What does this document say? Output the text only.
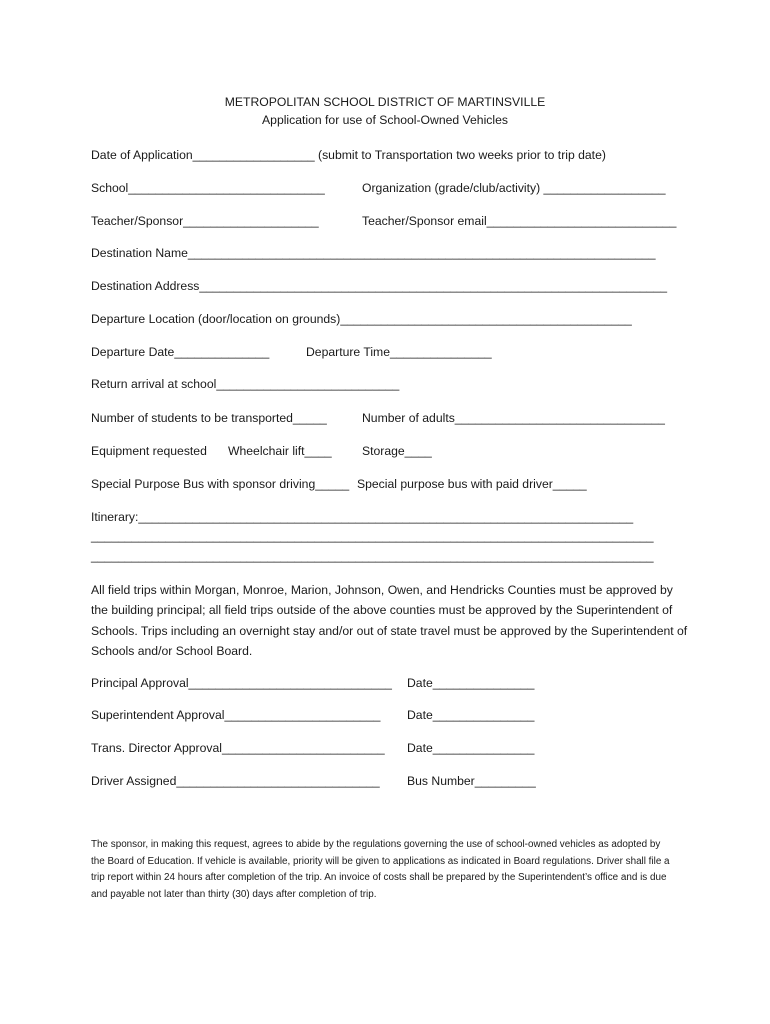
METROPOLITAN SCHOOL DISTRICT OF MARTINSVILLE
Application for use of School-Owned Vehicles
Date of Application__________________ (submit to Transportation two weeks prior to trip date)
School_____________________________	Organization (grade/club/activity) __________________
Teacher/Sponsor____________________	Teacher/Sponsor email____________________________
Destination Name_____________________________________________________________________
Destination Address_____________________________________________________________________
Departure Location (door/location on grounds)___________________________________________
Departure Date______________	Departure Time_______________
Return arrival at school___________________________
Number of students to be transported_____	Number of adults_______________________________
Equipment requested Wheelchair lift____ Storage____
Special Purpose Bus with sponsor driving_____ Special purpose bus with paid driver_____
Itinerary:_________________________________________________________________________
___________________________________________________________________________________
___________________________________________________________________________________
All field trips within Morgan, Monroe, Marion, Johnson, Owen, and Hendricks Counties must be approved by the building principal; all field trips outside of the above counties must be approved by the Superintendent of Schools. Trips including an overnight stay and/or out of state travel must be approved by the Superintendent of Schools and/or School Board.
Principal Approval______________________________ Date_______________
Superintendent Approval_______________________ Date_______________
Trans. Director Approval________________________ Date_______________
Driver Assigned______________________________ Bus Number_________
The sponsor, in making this request, agrees to abide by the regulations governing the use of school-owned vehicles as adopted by the Board of Education. If vehicle is available, priority will be given to applications as indicated in Board regulations. Driver shall file a trip report within 24 hours after completion of the trip. An invoice of costs shall be prepared by the Superintendent’s office and is due and payable not later than thirty (30) days after completion of trip.
